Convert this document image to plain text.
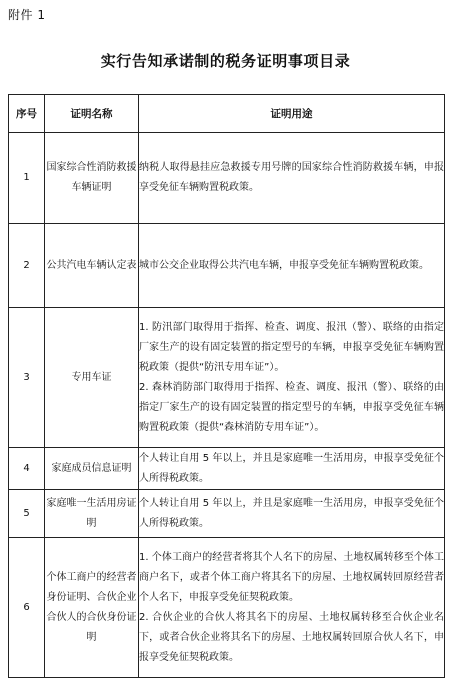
附件 1
实行告知承诺制的税务证明事项目录
序号	证明名称	证明用途
1	国家综合性消防救援车辆证明	纳税人取得悬挂应急救援专用号牌的国家综合性消防救援车辆，申报享受免征车辆购置税政策。

2	公共汽电车辆认定表	城市公交企业取得公共汽电车辆，申报享受免征车辆购置税政策。

3	专用车证	1. 防汛部门取得用于指挥、检查、调度、报汛（警）、联络的由指定厂家生产的设有固定装置的指定型号的车辆，申报享受免征车辆购置税政策（提供“防汛专用车证”）。
2. 森林消防部门取得用于指挥、检查、调度、报汛（警）、联络的由指定厂家生产的设有固定装置的指定型号的车辆，申报享受免征车辆购置税政策（提供“森林消防专用车证”）。

4	家庭成员信息证明	个人转让自用 5 年以上，并且是家庭唯一生活用房，申报享受免征个人所得税政策。

5	家庭唯一生活用房证明	个人转让自用 5 年以上，并且是家庭唯一生活用房，申报享受免征个人所得税政策。

6	个体工商户的经营者身份证明、合伙企业合伙人的合伙身份证明	1. 个体工商户的经营者将其个人名下的房屋、土地权属转移至个体工商户名下，或者个体工商户将其名下的房屋、土地权属转回原经营者个人名下，申报享受免征契税政策。
2. 合伙企业的合伙人将其名下的房屋、土地权属转移至合伙企业名下，或者合伙企业将其名下的房屋、土地权属转回原合伙人名下，申报享受免征契税政策。
